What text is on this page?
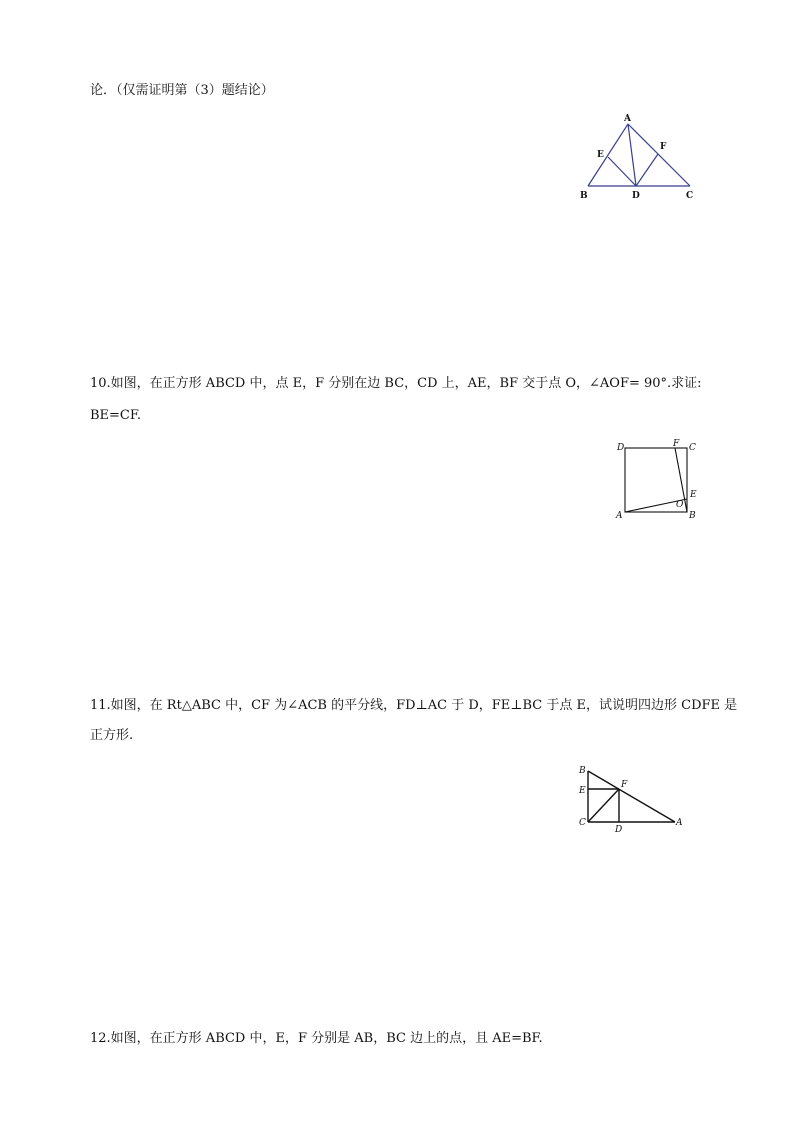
论．（仅需证明第（3）题结论）
10.如图，在正方形 ABCD 中，点 E，F 分别在边 BC，CD 上，AE，BF 交于点 O，∠AOF= 90°.求证:
BE=CF.
11.如图，在 Rt△ABC 中，CF 为∠ACB 的平分线，FD⊥AC 于 D，FE⊥BC 于点 E，试说明四边形 CDFE 是
正方形.
12.如图，在正方形 ABCD 中，E，F 分别是 AB，BC 边上的点，且 AE=BF.
A
E
F
B	D	C
D	F C
E
O
A	B
B
F
E
C
D
A
